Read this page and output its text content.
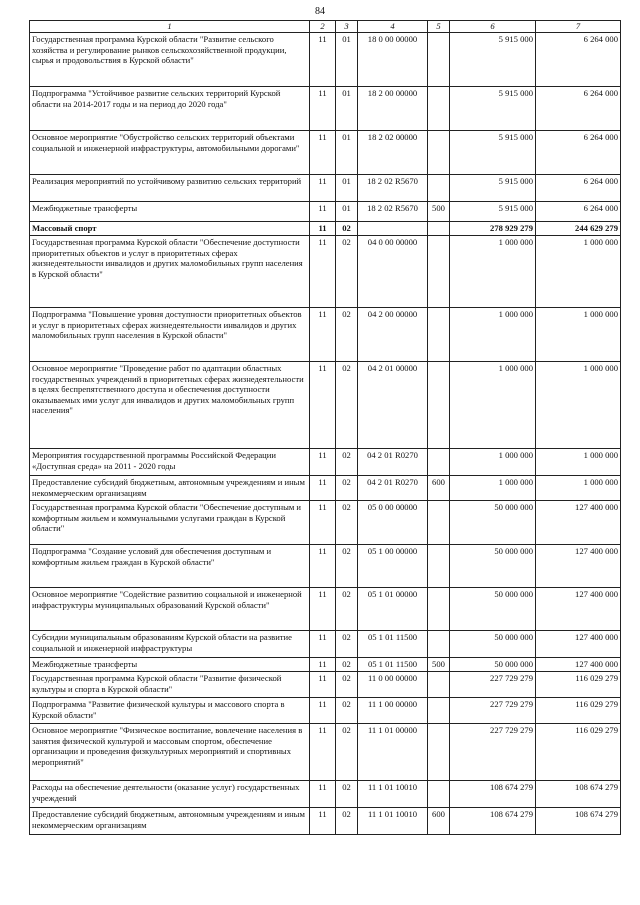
84
1	2	3	4	5	6	7
Государственная программа Курской области "Развитие сельского хозяйства и регулирование рынков сельскохозяйственной продукции, сырья и продовольствия в Курской области"	11	01	18 0 00 00000		5 915 000	6 264 000
Подпрограмма "Устойчивое развитие сельских территорий Курской области на 2014-2017 годы и на период до 2020 года"	11	01	18 2 00 00000		5 915 000	6 264 000
Основное мероприятие "Обустройство сельских территорий объектами социальной и инженерной инфраструктуры, автомобильными дорогами"	11	01	18 2 02 00000		5 915 000	6 264 000
Реализация мероприятий по устойчивому развитию сельских территорий	11	01	18 2 02 R5670		5 915 000	6 264 000
Межбюджетные трансферты	11	01	18 2 02 R5670	500	5 915 000	6 264 000
Массовый спорт	11	02			278 929 279	244 629 279
Государственная программа Курской области "Обеспечение доступности приоритетных объектов и услуг в приоритетных сферах жизнедеятельности инвалидов и других маломобильных групп населения в Курской области"	11	02	04 0 00 00000		1 000 000	1 000 000
Подпрограмма "Повышение уровня доступности приоритетных объектов и услуг в приоритетных сферах жизнедеятельности инвалидов и других маломобильных групп населения в Курской области"	11	02	04 2 00 00000		1 000 000	1 000 000
Основное мероприятие "Проведение работ по адаптации областных государственных учреждений в приоритетных сферах жизнедеятельности в целях беспрепятственного доступа и обеспечения доступности оказываемых ими услуг для инвалидов и других маломобильных групп населения"	11	02	04 2 01 00000		1 000 000	1 000 000
Мероприятия государственной программы Российской Федерации «Доступная среда» на 2011 - 2020 годы	11	02	04 2 01 R0270		1 000 000	1 000 000
Предоставление субсидий бюджетным, автономным учреждениям и иным некоммерческим организациям	11	02	04 2 01 R0270	600	1 000 000	1 000 000
Государственная программа Курской области "Обеспечение доступным и комфортным жильем и коммунальными услугами граждан в Курской области"	11	02	05 0 00 00000		50 000 000	127 400 000
Подпрограмма "Создание условий для обеспечения доступным и комфортным жильем граждан в Курской области"	11	02	05 1 00 00000		50 000 000	127 400 000
Основное мероприятие "Содействие развитию социальной и инженерной инфраструктуры муниципальных образований Курской области"	11	02	05 1 01 00000		50 000 000	127 400 000
Субсидии муниципальным образованиям Курской области на развитие социальной и инженерной инфраструктуры	11	02	05 1 01 11500		50 000 000	127 400 000
Межбюджетные трансферты	11	02	05 1 01 11500	500	50 000 000	127 400 000
Государственная программа Курской области "Развитие физической культуры и спорта в Курской области"	11	02	11 0 00 00000		227 729 279	116 029 279
Подпрограмма "Развитие физической культуры и массового спорта в Курской области"	11	02	11 1 00 00000		227 729 279	116 029 279
Основное мероприятие "Физическое воспитание, вовлечение населения в занятия физической культурой и массовым спортом, обеспечение организации и проведения физкультурных мероприятий и спортивных мероприятий"	11	02	11 1 01 00000		227 729 279	116 029 279
Расходы на обеспечение деятельности (оказание услуг) государственных учреждений	11	02	11 1 01 10010		108 674 279	108 674 279
Предоставление субсидий бюджетным, автономным учреждениям и иным некоммерческим организациям	11	02	11 1 01 10010	600	108 674 279	108 674 279
